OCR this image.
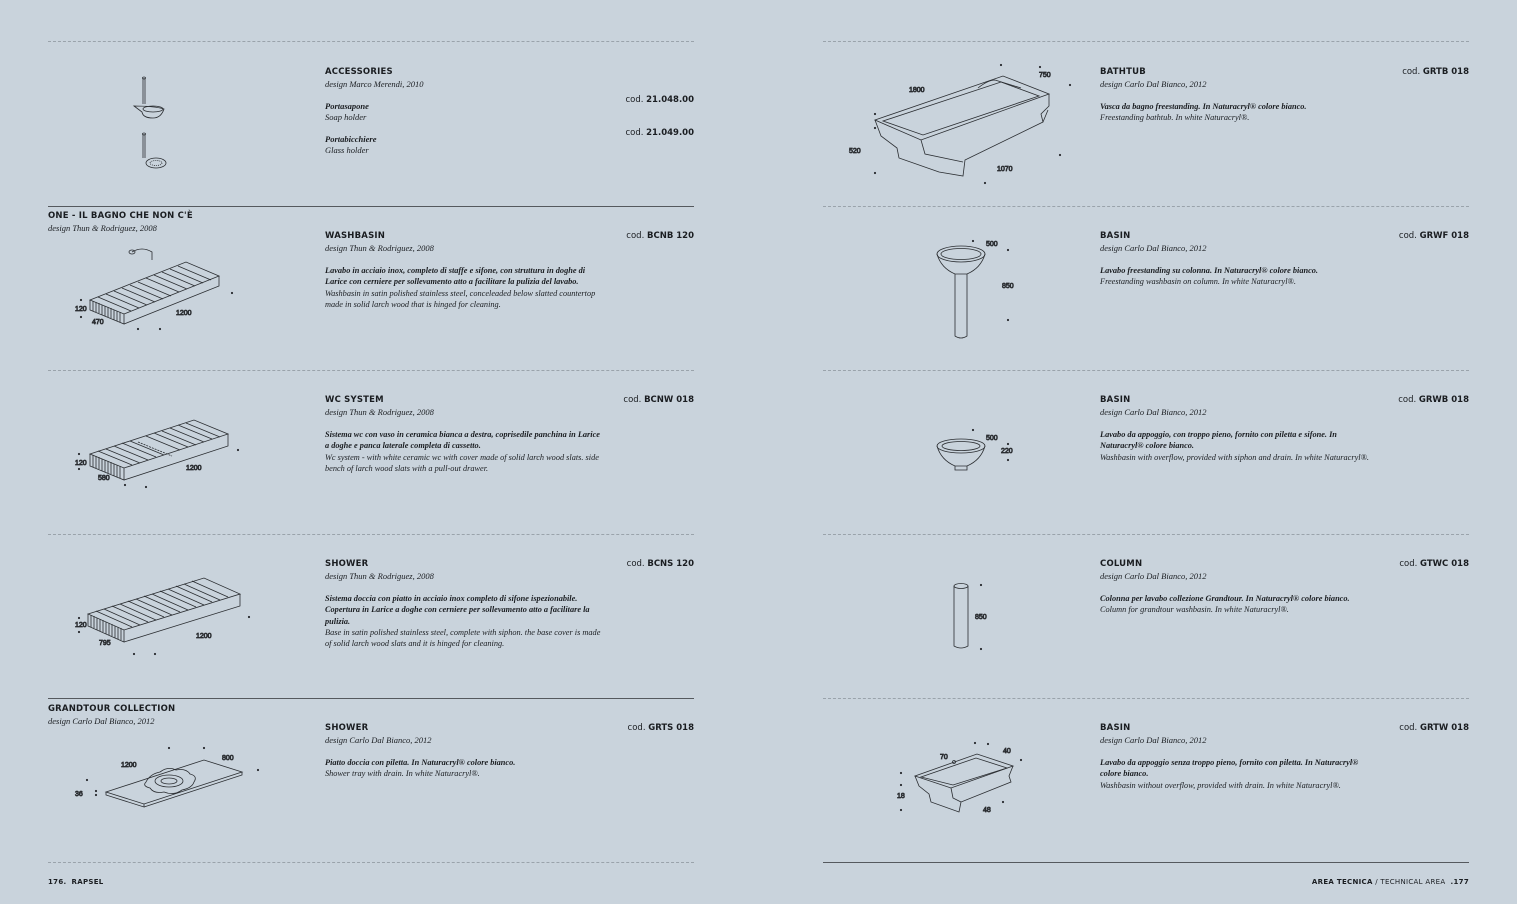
ACCESSORIES
design Marco Merendi, 2010
Portasapone
Soap holder
cod. 21.048.00
Portabicchiere
Glass holder
cod. 21.049.00
ONE - IL BAGNO CHE NON C'È
design Thun & Rodriguez, 2008
120
470
1200
WASHBASIN
design Thun & Rodriguez, 2008
cod. BCNB 120
Lavabo in acciaio inox, completo di staffe e sifone, con struttura in doghe di Larice con cerniere per sollevamento atto a facilitare la pulizia del lavabo.
Washbasin in satin polished stainless steel, conceleaded below slatted countertop made in solid larch wood that is hinged for cleaning.
120
580
1200
WC SYSTEM
design Thun & Rodriguez, 2008
cod. BCNW 018
Sistema wc con vaso in ceramica bianca a destra, coprisedile panchina in Larice a doghe e panca laterale completa di cassetto.
Wc system - with white ceramic wc with cover made of solid larch wood slats. side bench of larch wood slats with a pull-out drawer.
120
795
1200
SHOWER
design Thun & Rodriguez, 2008
cod. BCNS 120
Sistema doccia con piatto in acciaio inox completo di sifone ispezionabile. Copertura in Larice a doghe con cerniere per sollevamento atto a facilitare la pulizia.
Base in satin polished stainless steel, complete with siphon. the base cover is made of solid larch wood slats and it is hinged for cleaning.
GRANDTOUR COLLECTION
design Carlo Dal Bianco, 2012
1200
800
36
SHOWER
design Carlo Dal Bianco, 2012
cod. GRTS 018
Piatto doccia con piletta. In Naturacryl® colore bianco.
Shower tray with drain. In white Naturacryl®.
176. RAPSEL
1800
750
520
1070
BATHTUB
design Carlo Dal Bianco, 2012
cod. GRTB 018
Vasca da bagno freestanding. In Naturacryl® colore bianco.
Freestanding bathtub. In white Naturacryl®.
500
850
BASIN
design Carlo Dal Bianco, 2012
cod. GRWF 018
Lavabo freestanding su colonna. In Naturacryl® colore bianco.
Freestanding washbasin on column. In white Naturacryl®.
500
220
BASIN
design Carlo Dal Bianco, 2012
cod. GRWB 018
Lavabo da appoggio, con troppo pieno, fornito con piletta e sifone. In Naturacryl® colore bianco.
Washbasin with overflow, provided with siphon and drain. In white Naturacryl®.
850
COLUMN
design Carlo Dal Bianco, 2012
cod. GTWC 018
Colonna per lavabo collezione Grandtour. In Naturacryl® colore bianco.
Column for grandtour washbasin. In white Naturacryl®.
70
40
18
48
BASIN
design Carlo Dal Bianco, 2012
cod. GRTW 018
Lavabo da appoggio senza troppo pieno, fornito con piletta. In Naturacryl® colore bianco.
Washbasin without overflow, provided with drain. In white Naturacryl®.
AREA TECNICA / TECHNICAL AREA .177
